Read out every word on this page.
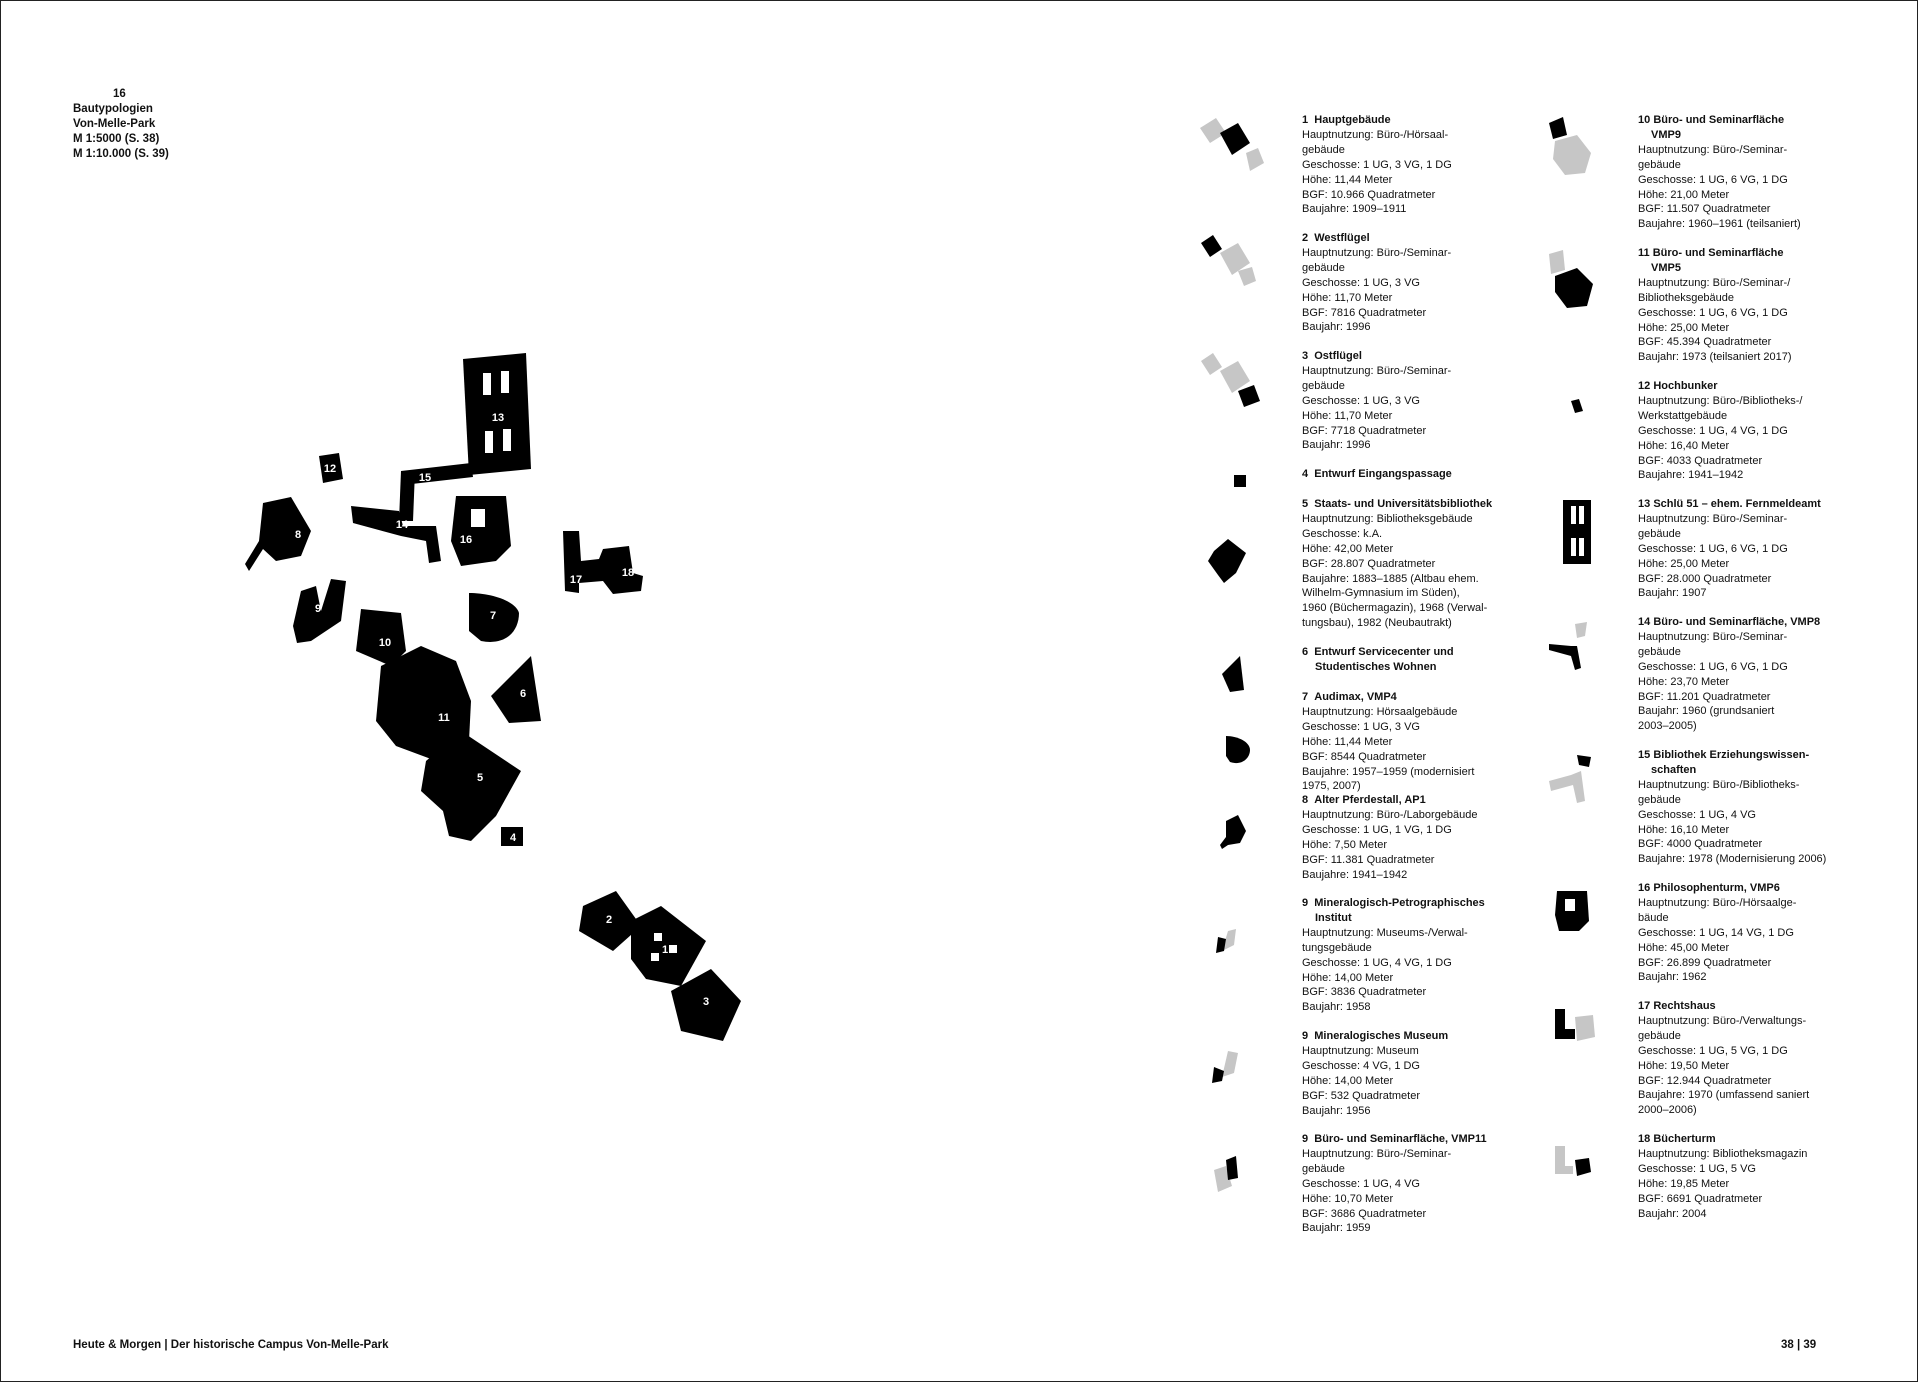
16
Bautypologien
Von-Melle-Park
M 1:5000 (S. 38)
M 1:10.000 (S. 39)
13
15
14
16
12
8
9
10
11
7
6
5
4
2
1
3
17
18
1 Hauptgebäude
Hauptnutzung: Büro-/Hörsaal-
gebäude
Geschosse: 1 UG, 3 VG, 1 DG
Höhe: 11,44 Meter
BGF: 10.966 Quadratmeter
Baujahre: 1909–1911
2 Westflügel
Hauptnutzung: Büro-/Seminar-
gebäude
Geschosse: 1 UG, 3 VG
Höhe: 11,70 Meter
BGF: 7816 Quadratmeter
Baujahr: 1996
3 Ostflügel
Hauptnutzung: Büro-/Seminar-
gebäude
Geschosse: 1 UG, 3 VG
Höhe: 11,70 Meter
BGF: 7718 Quadratmeter
Baujahr: 1996
4 Entwurf Eingangspassage
5 Staats- und Universitätsbibliothek
Hauptnutzung: Bibliotheksgebäude
Geschosse: k.A.
Höhe: 42,00 Meter
BGF: 28.807 Quadratmeter
Baujahre: 1883–1885 (Altbau ehem.
Wilhelm-Gymnasium im Süden),
1960 (Büchermagazin), 1968 (Verwal-
tungsbau), 1982 (Neubautrakt)
6 Entwurf Servicecenter und
Studentisches Wohnen
7 Audimax, VMP4
Hauptnutzung: Hörsaalgebäude
Geschosse: 1 UG, 3 VG
Höhe: 11,44 Meter
BGF: 8544 Quadratmeter
Baujahre: 1957–1959 (modernisiert
1975, 2007)
8 Alter Pferdestall, AP1
Hauptnutzung: Büro-/Laborgebäude
Geschosse: 1 UG, 1 VG, 1 DG
Höhe: 7,50 Meter
BGF: 11.381 Quadratmeter
Baujahre: 1941–1942
9 Mineralogisch-Petrographisches
Institut
Hauptnutzung: Museums-/Verwal-
tungsgebäude
Geschosse: 1 UG, 4 VG, 1 DG
Höhe: 14,00 Meter
BGF: 3836 Quadratmeter
Baujahr: 1958
9 Mineralogisches Museum
Hauptnutzung: Museum
Geschosse: 4 VG, 1 DG
Höhe: 14,00 Meter
BGF: 532 Quadratmeter
Baujahr: 1956
9 Büro- und Seminarfläche, VMP11
Hauptnutzung: Büro-/Seminar-
gebäude
Geschosse: 1 UG, 4 VG
Höhe: 10,70 Meter
BGF: 3686 Quadratmeter
Baujahr: 1959
10 Büro- und Seminarfläche
VMP9
Hauptnutzung: Büro-/Seminar-
gebäude
Geschosse: 1 UG, 6 VG, 1 DG
Höhe: 21,00 Meter
BGF: 11.507 Quadratmeter
Baujahre: 1960–1961 (teilsaniert)
11 Büro- und Seminarfläche
VMP5
Hauptnutzung: Büro-/Seminar-/
Bibliotheksgebäude
Geschosse: 1 UG, 6 VG, 1 DG
Höhe: 25,00 Meter
BGF: 45.394 Quadratmeter
Baujahr: 1973 (teilsaniert 2017)
12 Hochbunker
Hauptnutzung: Büro-/Bibliotheks-/
Werkstattgebäude
Geschosse: 1 UG, 4 VG, 1 DG
Höhe: 16,40 Meter
BGF: 4033 Quadratmeter
Baujahre: 1941–1942
13 Schlü 51 – ehem. Fernmeldeamt
Hauptnutzung: Büro-/Seminar-
gebäude
Geschosse: 1 UG, 6 VG, 1 DG
Höhe: 25,00 Meter
BGF: 28.000 Quadratmeter
Baujahr: 1907
14 Büro- und Seminarfläche, VMP8
Hauptnutzung: Büro-/Seminar-
gebäude
Geschosse: 1 UG, 6 VG, 1 DG
Höhe: 23,70 Meter
BGF: 11.201 Quadratmeter
Baujahr: 1960 (grundsaniert
2003–2005)
15 Bibliothek Erziehungswissen-
schaften
Hauptnutzung: Büro-/Bibliotheks-
gebäude
Geschosse: 1 UG, 4 VG
Höhe: 16,10 Meter
BGF: 4000 Quadratmeter
Baujahre: 1978 (Modernisierung 2006)
16 Philosophenturm, VMP6
Hauptnutzung: Büro-/Hörsaalge-
bäude
Geschosse: 1 UG, 14 VG, 1 DG
Höhe: 45,00 Meter
BGF: 26.899 Quadratmeter
Baujahr: 1962
17 Rechtshaus
Hauptnutzung: Büro-/Verwaltungs-
gebäude
Geschosse: 1 UG, 5 VG, 1 DG
Höhe: 19,50 Meter
BGF: 12.944 Quadratmeter
Baujahre: 1970 (umfassend saniert
2000–2006)
18 Bücherturm
Hauptnutzung: Bibliotheksmagazin
Geschosse: 1 UG, 5 VG
Höhe: 19,85 Meter
BGF: 6691 Quadratmeter
Baujahr: 2004
Heute & Morgen | Der historische Campus Von-Melle-Park	38 | 39
